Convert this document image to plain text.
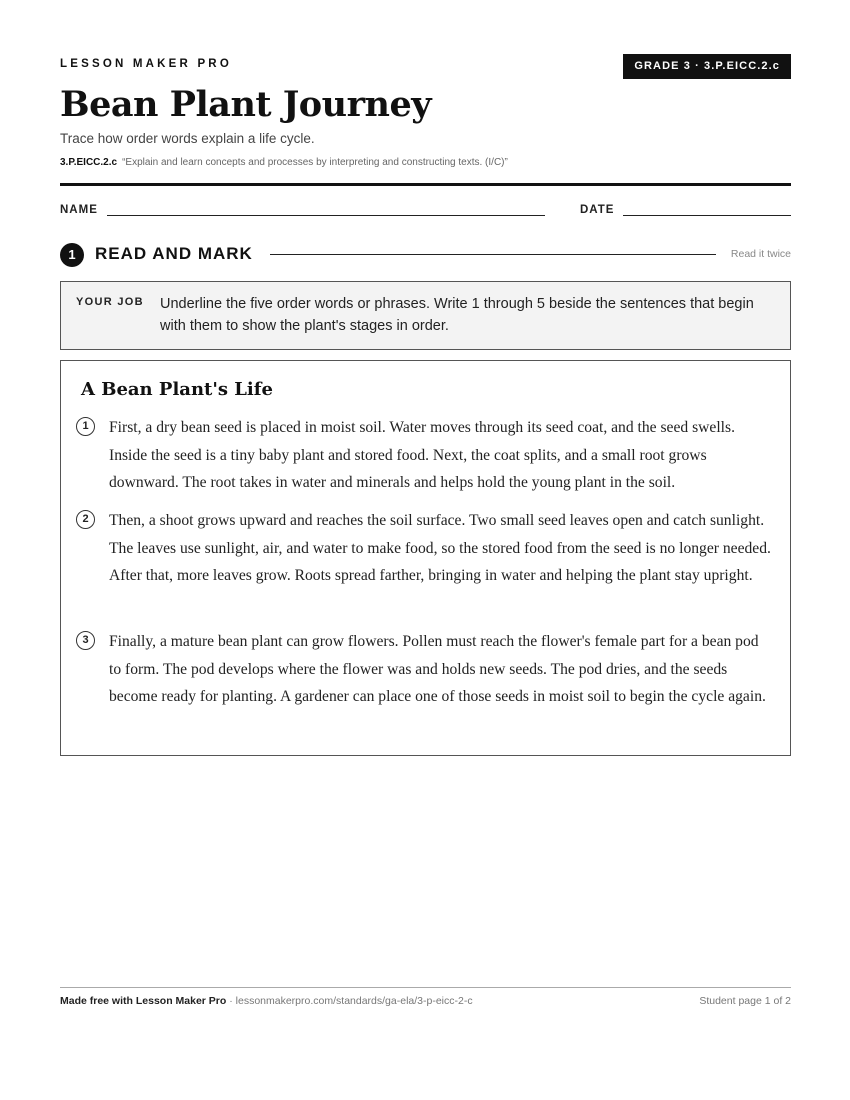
LESSON MAKER PRO	GRADE 3 · 3.P.EICC.2.c
Bean Plant Journey
Trace how order words explain a life cycle.
3.P.EICC.2.c “Explain and learn concepts and processes by interpreting and constructing texts. (I/C)”
NAME	DATE
1	READ AND MARK	Read it twice
YOUR JOB Underline the five order words or phrases. Write 1 through 5 beside the sentences that begin with them to show the plant's stages in order.
A Bean Plant's Life
1	First, a dry bean seed is placed in moist soil. Water moves through its seed coat, and the seed swells. Inside the seed is a tiny baby plant and stored food. Next, the coat splits, and a small root grows downward. The root takes in water and minerals and helps hold the young plant in the soil.
2	Then, a shoot grows upward and reaches the soil surface. Two small seed leaves open and catch sunlight. The leaves use sunlight, air, and water to make food, so the stored food from the seed is no longer needed. After that, more leaves grow. Roots spread farther, bringing in water and helping the plant stay upright.
3	Finally, a mature bean plant can grow flowers. Pollen must reach the flower's female part for a bean pod to form. The pod develops where the flower was and holds new seeds. The pod dries, and the seeds become ready for planting. A gardener can place one of those seeds in moist soil to begin the cycle again.
Made free with Lesson Maker Pro · lessonmakerpro.com/standards/ga-ela/3-p-eicc-2-c	Student page 1 of 2
